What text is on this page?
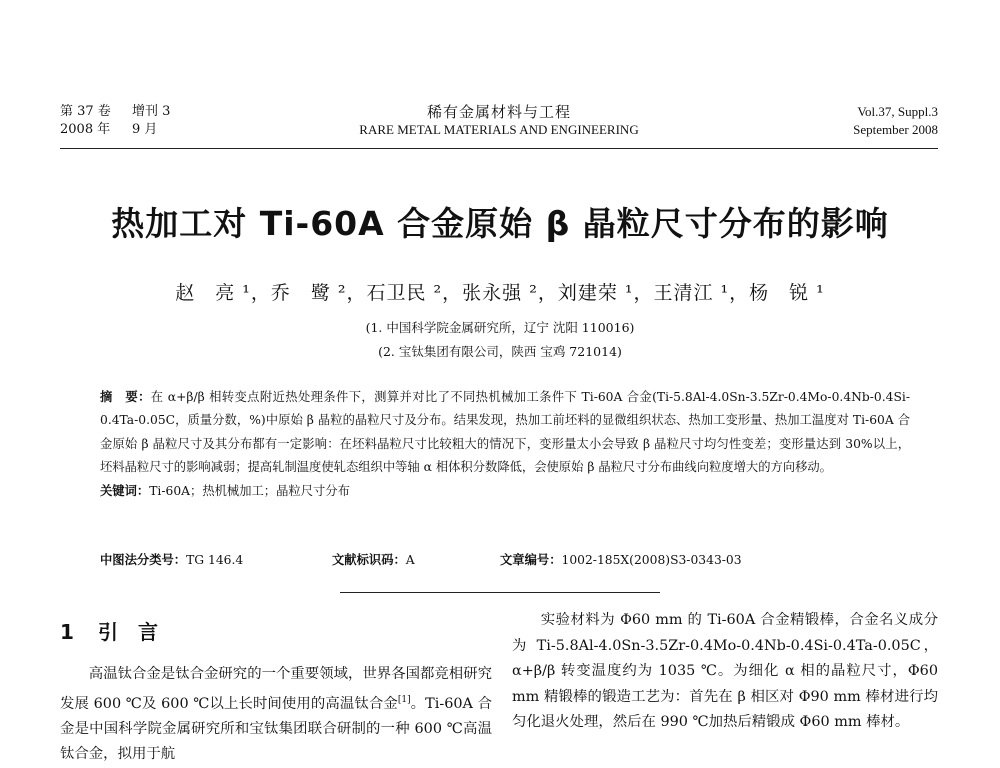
第 37 卷 增刊 3
2008 年 9 月
稀有金属材料与工程
RARE METAL MATERIALS AND ENGINEERING
Vol.37, Suppl.3
September 2008
热加工对 Ti-60A 合金原始 β 晶粒尺寸分布的影响
赵　亮 ¹，乔　鹭 ²，石卫民 ²，张永强 ²，刘建荣 ¹，王清江 ¹，杨　锐 ¹
(1. 中国科学院金属研究所，辽宁 沈阳 110016)
(2. 宝钛集团有限公司，陕西 宝鸡 721014)

摘　要：在 α+β/β 相转变点附近热处理条件下，测算并对比了不同热机械加工条件下 Ti-60A 合金(Ti-5.8Al-4.0Sn-3.5Zr-0.4Mo-0.4Nb-0.4Si- 0.4Ta-0.05C，质量分数，%)中原始 β 晶粒的晶粒尺寸及分布。结果发现，热加工前坯料的显微组织状态、热加工变形量、热加工温度对 Ti-60A 合金原始 β 晶粒尺寸及其分布都有一定影响：在坯料晶粒尺寸比较粗大的情况下，变形量太小会导致 β 晶粒尺寸均匀性变差；变形量达到 30%以上，坯料晶粒尺寸的影响减弱；提高轧制温度使轧态组织中等轴 α 相体积分数降低，会使原始 β 晶粒尺寸分布曲线向粒度增大的方向移动。

关键词：Ti-60A；热机械加工；晶粒尺寸分布

中图法分类号：TG 146.4	文献标识码：A	文章编号：1002-185X(2008)S3-0343-03
1 引　言

高温钛合金是钛合金研究的一个重要领域，世界各国都竞相研究发展 600 ℃及 600 ℃以上长时间使用的高温钛合金[1]。Ti-60A 合金是中国科学院金属研究所和宝钛集团联合研制的一种 600 ℃高温钛合金，拟用于航

实验材料为 Φ60 mm 的 Ti-60A 合金精锻棒，合金名义成分为 Ti-5.8Al-4.0Sn-3.5Zr-0.4Mo-0.4Nb-0.4Si-0.4Ta-0.05C，α+β/β 转变温度约为 1035 ℃。为细化 α 相的晶粒尺寸，Φ60 mm 精锻棒的锻造工艺为：首先在 β 相区对 Φ90 mm 棒材进行均匀化退火处理，然后在 990 ℃加热后精锻成 Φ60 mm 棒材。
